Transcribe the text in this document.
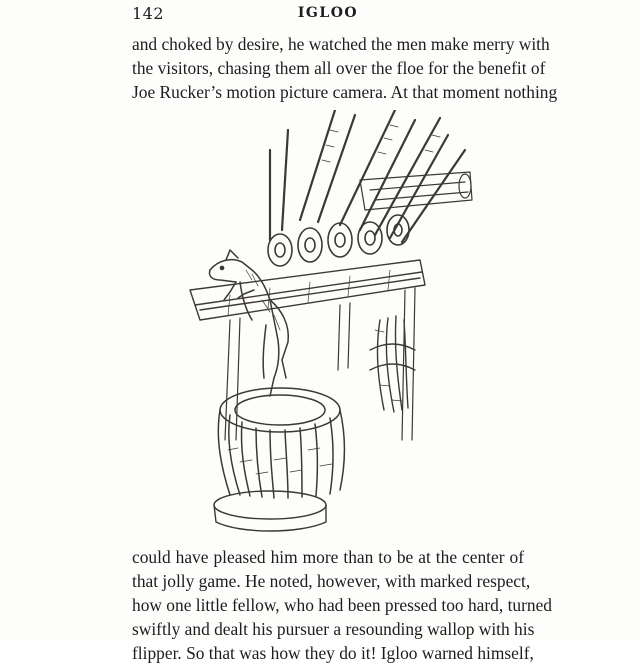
142	IGLOO
and choked by desire, he watched the men make merry with
the visitors, chasing them all over the floe for the benefit of
Joe Rucker’s motion picture camera. At that moment nothing
could have pleased him more than to be at the center of
that jolly game. He noted, however, with marked respect,
how one little fellow, who had been pressed too hard, turned
swiftly and dealt his pursuer a resounding wallop with his
flipper. So that was how they do it! Igloo warned himself,
